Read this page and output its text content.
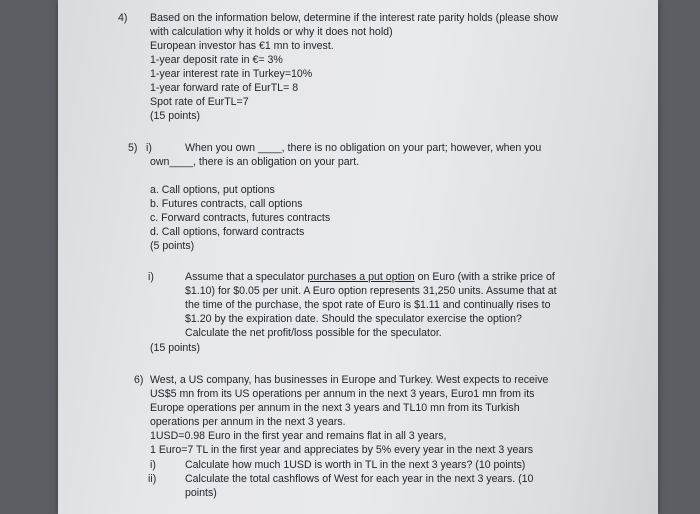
4) Based on the information below, determine if the interest rate parity holds (please show
with calculation why it holds or why it does not hold)
European investor has €1 mn to invest.
1-year deposit rate in €= 3%
1-year interest rate in Turkey=10%
1-year forward rate of EurTL= 8
Spot rate of EurTL=7
(15 points)
5) i)	When you own ____, there is no obligation on your part; however, when you
own____, there is an obligation on your part.
a. Call options, put options
b. Futures contracts, call options
c. Forward contracts, futures contracts
d. Call options, forward contracts
(5 points)
i)	Assume that a speculator purchases a put option on Euro (with a strike price of
$1.10) for $0.05 per unit. A Euro option represents 31,250 units. Assume that at
the time of the purchase, the spot rate of Euro is $1.11 and continually rises to
$1.20 by the expiration date. Should the speculator exercise the option?
Calculate the net profit/loss possible for the speculator.
(15 points)
6) West, a US company, has businesses in Europe and Turkey. West expects to receive
US$5 mn from its US operations per annum in the next 3 years, Euro1 mn from its
Europe operations per annum in the next 3 years and TL10 mn from its Turkish
operations per annum in the next 3 years.
1USD=0.98 Euro in the first year and remains flat in all 3 years,
1 Euro=7 TL in the first year and appreciates by 5% every year in the next 3 years
i)	Calculate how much 1USD is worth in TL in the next 3 years? (10 points)
ii)	Calculate the total cashflows of West for each year in the next 3 years. (10
points)
